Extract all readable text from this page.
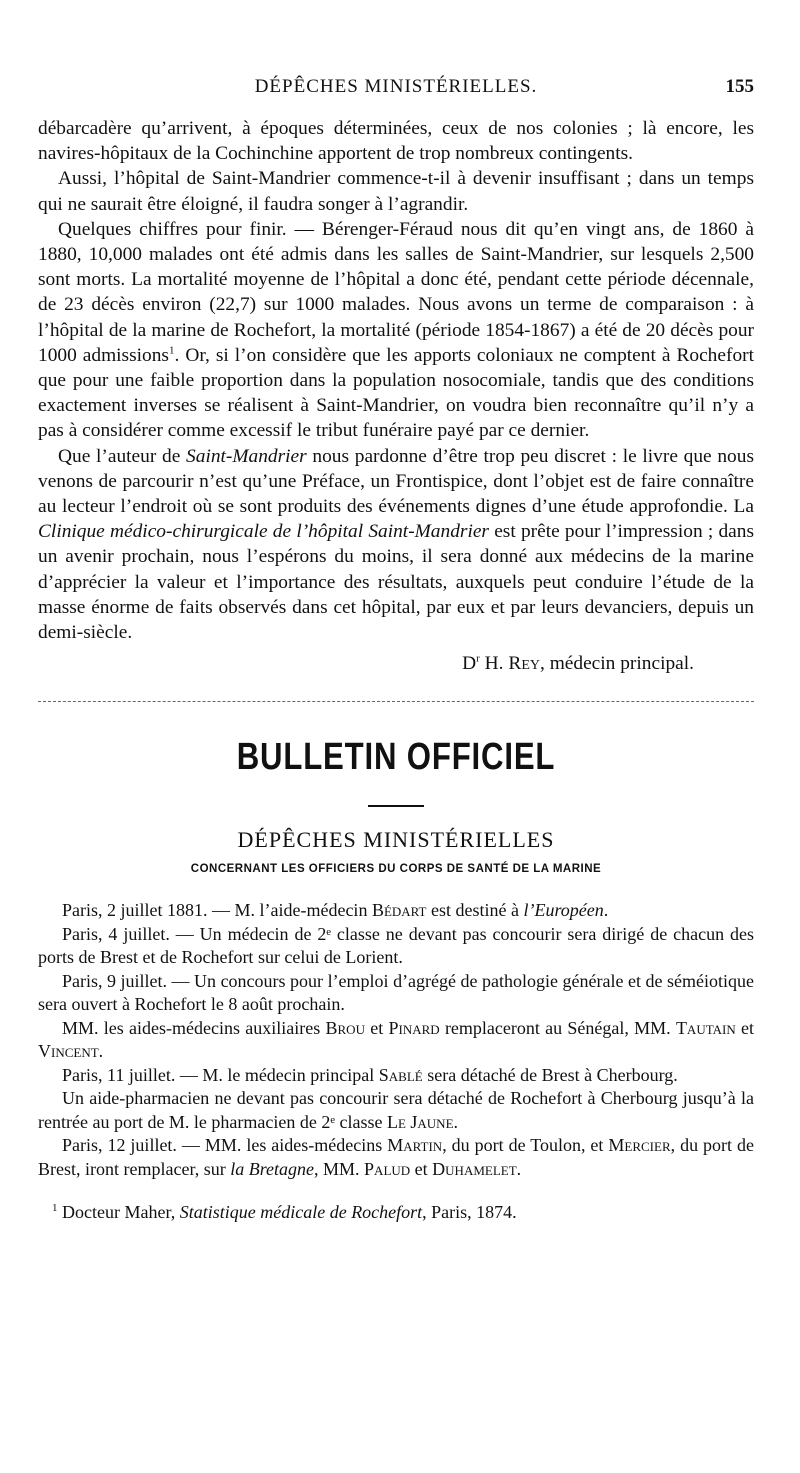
DÉPÊCHES MINISTÉRIELLES.	155

débarcadère qu’arrivent, à époques déterminées, ceux de nos colonies ; là encore, les navires-hôpitaux de la Cochinchine apportent de trop nombreux contingents.

Aussi, l’hôpital de Saint-Mandrier commence-t-il à devenir insuffisant ; dans un temps qui ne saurait être éloigné, il faudra songer à l’agrandir.

Quelques chiffres pour finir. — Bérenger-Féraud nous dit qu’en vingt ans, de 1860 à 1880, 10,000 malades ont été admis dans les salles de Saint-Mandrier, sur lesquels 2,500 sont morts. La mortalité moyenne de l’hôpital a donc été, pendant cette période décennale, de 23 décès environ (22,7) sur 1000 malades. Nous avons un terme de comparaison : à l’hôpital de la marine de Rochefort, la mortalité (période 1854-1867) a été de 20 décès pour 1000 admissions$^1$. Or, si l’on considère que les apports coloniaux ne comptent à Rochefort que pour une faible proportion dans la population nosocomiale, tandis que des conditions exactement inverses se réalisent à Saint-Mandrier, on voudra bien reconnaître qu’il n’y a pas à considérer comme excessif le tribut funéraire payé par ce dernier.

Que l’auteur de Saint-Mandrier nous pardonne d’être trop peu discret : le livre que nous venons de parcourir n’est qu’une Préface, un Frontispice, dont l’objet est de faire connaître au lecteur l’endroit où se sont produits des événements dignes d’une étude approfondie. La Clinique médico-chirurgicale de l’hôpital Saint-Mandrier est prête pour l’impression ; dans un avenir prochain, nous l’espérons du moins, il sera donné aux médecins de la marine d’apprécier la valeur et l’importance des résultats, auxquels peut conduire l’étude de la masse énorme de faits observés dans cet hôpital, par eux et par leurs devanciers, depuis un demi-siècle.

$D^r$ H. Rey, médecin principal.
BULLETIN OFFICIEL
DÉPÊCHES MINISTÉRIELLES
CONCERNANT LES OFFICIERS DU CORPS DE SANTÉ DE LA MARINE

Paris, 2 juillet 1881. — M. l’aide-médecin Bédart est destiné à l’Européen.

Paris, 4 juillet. — Un médecin de 2ᵉ classe ne devant pas concourir sera dirigé de chacun des ports de Brest et de Rochefort sur celui de Lorient.

Paris, 9 juillet. — Un concours pour l’emploi d’agrégé de pathologie générale et de séméiotique sera ouvert à Rochefort le 8 août prochain.

MM. les aides-médecins auxiliaires Brou et Pinard remplaceront au Sénégal, MM. Tautain et Vincent.

Paris, 11 juillet. — M. le médecin principal Sablé sera détaché de Brest à Cherbourg.

Un aide-pharmacien ne devant pas concourir sera détaché de Rochefort à Cherbourg jusqu’à la rentrée au port de M. le pharmacien de 2ᵉ classe Le Jaune.

Paris, 12 juillet. — MM. les aides-médecins Martin, du port de Toulon, et Mercier, du port de Brest, iront remplacer, sur la Bretagne, MM. Palud et Duhamelet.

$^1$ Docteur Maher, Statistique médicale de Rochefort, Paris, 1874.
